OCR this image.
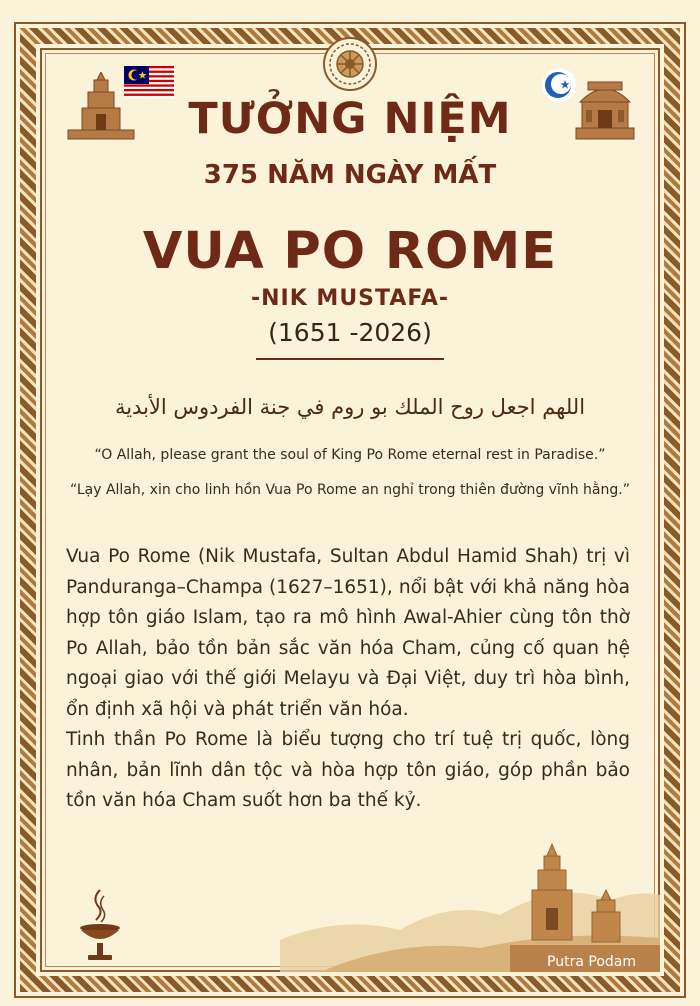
TƯỞNG NIỆM
375 NĂM NGÀY MẤT
VUA PO ROME
-NIK MUSTAFA-
(1651 -2026)
اللهم اجعل روح الملك بو روم في جنة الفردوس الأبدية
“O Allah, please grant the soul of King Po Rome eternal rest in Paradise.”
“Lạy Allah, xin cho linh hồn Vua Po Rome an nghỉ trong thiên đường vĩnh hằng.”

Vua Po Rome (Nik Mustafa, Sultan Abdul Hamid Shah) trị vì Panduranga–Champa (1627–1651), nổi bật với khả năng hòa hợp tôn giáo Islam, tạo ra mô hình Awal-Ahier cùng tôn thờ Po Allah, bảo tồn bản sắc văn hóa Cham, củng cố quan hệ ngoại giao với thế giới Melayu và Đại Việt, duy trì hòa bình, ổn định xã hội và phát triển văn hóa.

Tinh thần Po Rome là biểu tượng cho trí tuệ trị quốc, lòng nhân, bản lĩnh dân tộc và hòa hợp tôn giáo, góp phần bảo tồn văn hóa Cham suốt hơn ba thế kỷ.

Putra Podam
